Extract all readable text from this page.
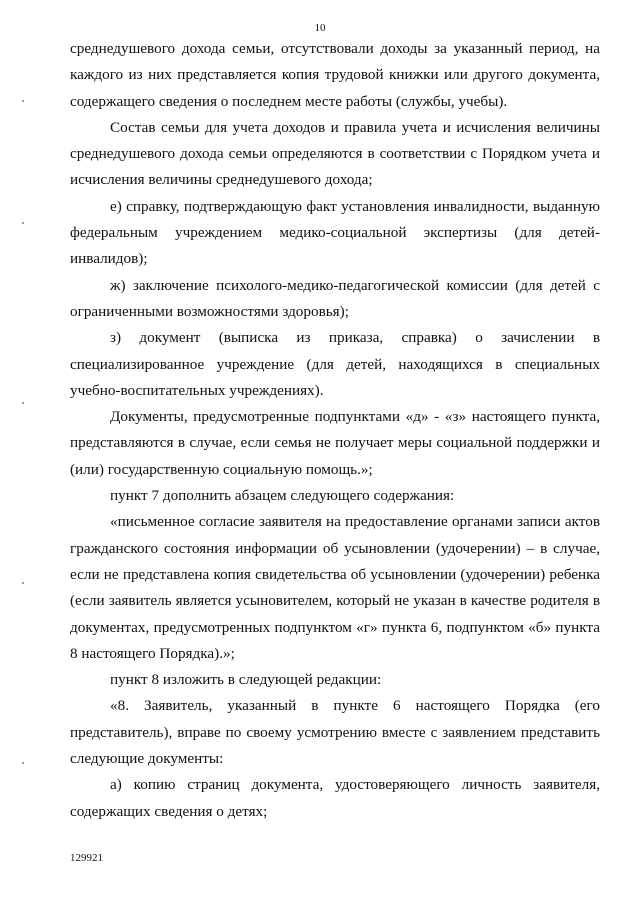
10

среднедушевого дохода семьи, отсутствовали доходы за указанный период, на каждого из них представляется копия трудовой книжки или другого документа, содержащего сведения о последнем месте работы (службы, учебы).

Состав семьи для учета доходов и правила учета и исчисления величины среднедушевого дохода семьи определяются в соответствии с Порядком учета и исчисления величины среднедушевого дохода;

е) справку, подтверждающую факт установления инвалидности, выданную федеральным учреждением медико-социальной экспертизы (для детей-инвалидов);

ж) заключение психолого-медико-педагогической комиссии (для детей с ограниченными возможностями здоровья);

з) документ (выписка из приказа, справка) о зачислении в специализированное учреждение (для детей, находящихся в специальных учебно-воспитательных учреждениях).

Документы, предусмотренные подпунктами «д» - «з» настоящего пункта, представляются в случае, если семья не получает меры социальной поддержки и (или) государственную социальную помощь.»;

пункт 7 дополнить абзацем следующего содержания:

«письменное согласие заявителя на предоставление органами записи актов гражданского состояния информации об усыновлении (удочерении) – в случае, если не представлена копия свидетельства об усыновлении (удочерении) ребенка (если заявитель является усыновителем, который не указан в качестве родителя в документах, предусмотренных подпунктом «г» пункта 6, подпунктом «б» пункта 8 настоящего Порядка).»;

пункт 8 изложить в следующей редакции:

«8. Заявитель, указанный в пункте 6 настоящего Порядка (его представитель), вправе по своему усмотрению вместе с заявлением представить следующие документы:

а) копию страниц документа, удостоверяющего личность заявителя, содержащих сведения о детях;

129921
